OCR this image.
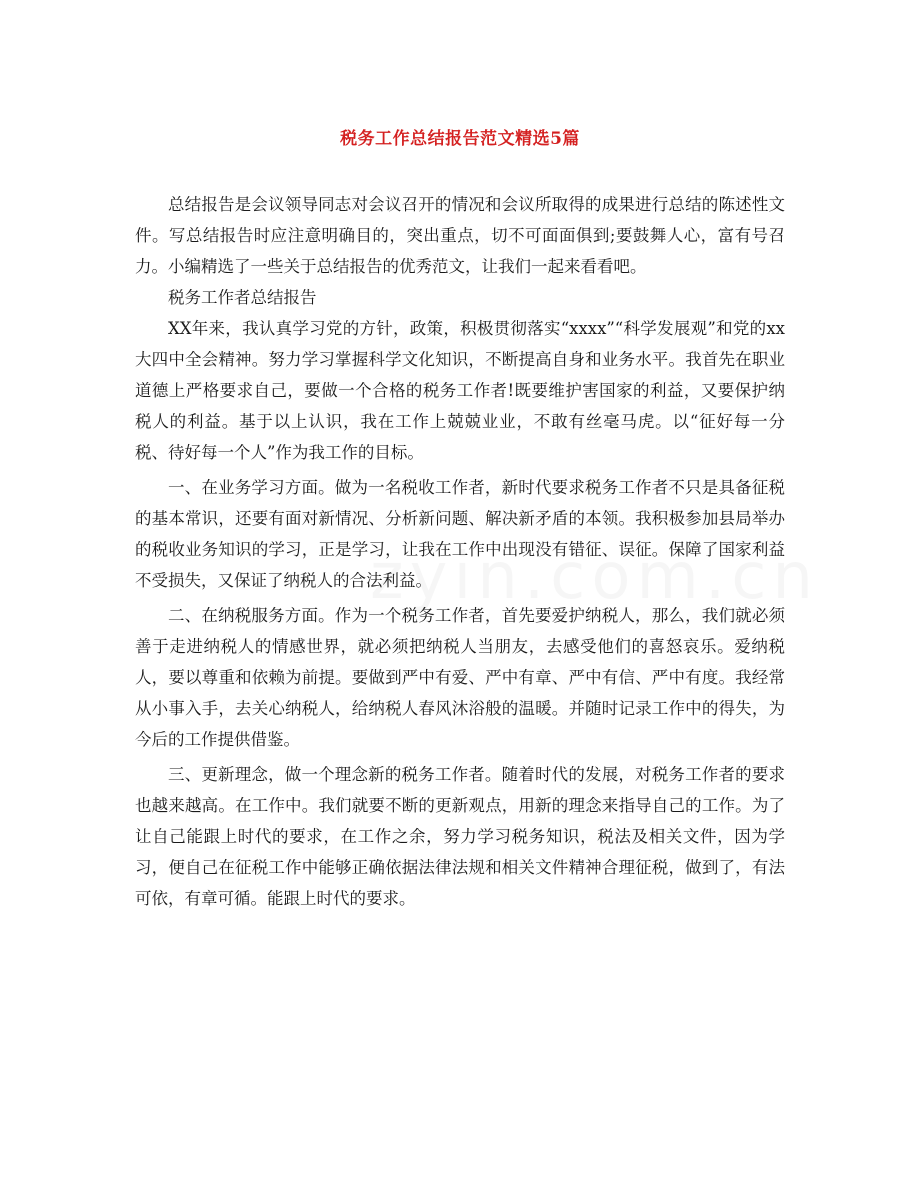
税务工作总结报告范文精选5篇

总结报告是会议领导同志对会议召开的情况和会议所取得的成果进行总结的陈述性文件。写总结报告时应注意明确目的，突出重点，切不可面面俱到;要鼓舞人心，富有号召力。小编精选了一些关于总结报告的优秀范文，让我们一起来看看吧。

税务工作者总结报告

XX年来，我认真学习党的方针，政策，积极贯彻落实“xxxx”“科学发展观”和党的xx大四中全会精神。努力学习掌握科学文化知识，不断提高自身和业务水平。我首先在职业道德上严格要求自己，要做一个合格的税务工作者!既要维护害国家的利益，又要保护纳税人的利益。基于以上认识，我在工作上兢兢业业，不敢有丝毫马虎。以“征好每一分税、待好每一个人”作为我工作的目标。

一、在业务学习方面。做为一名税收工作者，新时代要求税务工作者不只是具备征税的基本常识，还要有面对新情况、分析新问题、解决新矛盾的本领。我积极参加县局举办的税收业务知识的学习，正是学习，让我在工作中出现没有错征、误征。保障了国家利益不受损失，又保证了纳税人的合法利益。

二、在纳税服务方面。作为一个税务工作者，首先要爱护纳税人，那么，我们就必须善于走进纳税人的情感世界，就必须把纳税人当朋友，去感受他们的喜怒哀乐。爱纳税人，要以尊重和依赖为前提。要做到严中有爱、严中有章、严中有信、严中有度。我经常从小事入手，去关心纳税人，给纳税人春风沐浴般的温暖。并随时记录工作中的得失，为今后的工作提供借鉴。

三、更新理念，做一个理念新的税务工作者。随着时代的发展，对税务工作者的要求也越来越高。在工作中。我们就要不断的更新观点，用新的理念来指导自己的工作。为了让自己能跟上时代的要求，在工作之余，努力学习税务知识，税法及相关文件，因为学习，便自己在征税工作中能够正确依据法律法规和相关文件精神合理征税，做到了，有法可依，有章可循。能跟上时代的要求。
